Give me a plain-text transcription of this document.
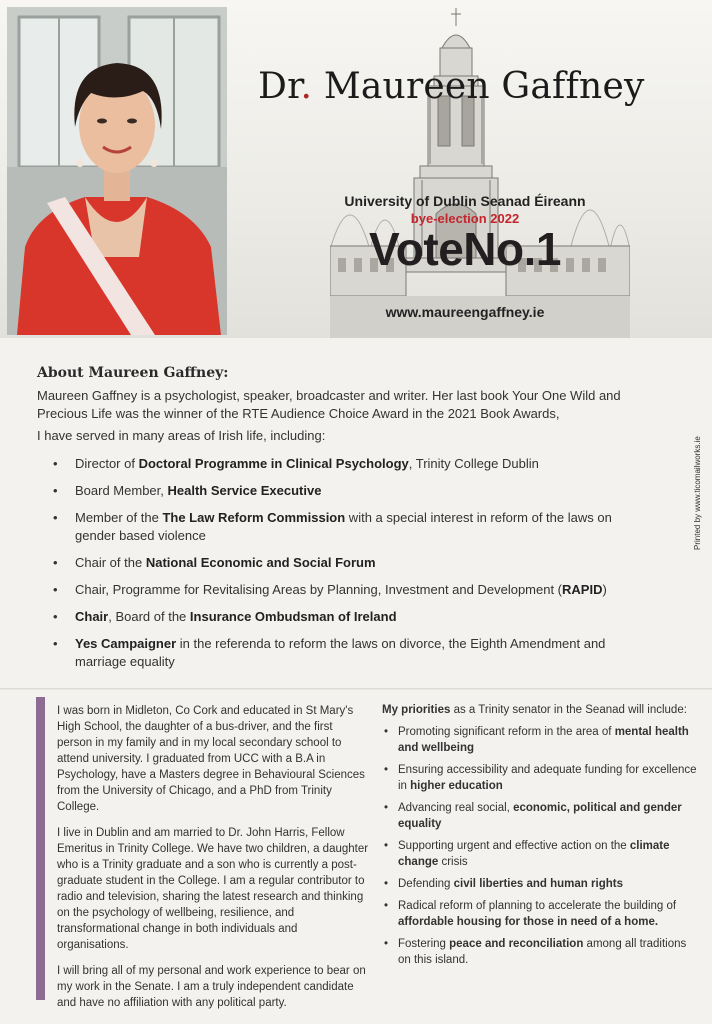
Dr. Maureen Gaffney
University of Dublin Seanad Éireann
bye-election 2022
VoteNo.1
www.maureengaffney.ie
About Maureen Gaffney:
Maureen Gaffney is a psychologist, speaker, broadcaster and writer. Her last book Your One Wild and Precious Life was the winner of the RTE Audience Choice Award in the 2021 Book Awards,
I have served in many areas of Irish life, including:
• Director of Doctoral Programme in Clinical Psychology, Trinity College Dublin
• Board Member, Health Service Executive
• Member of the The Law Reform Commission with a special interest in reform of the laws on gender based violence
• Chair of the National Economic and Social Forum
• Chair, Programme for Revitalising Areas by Planning, Investment and Development (RAPID)
• Chair, Board of the Insurance Ombudsman of Ireland
• Yes Campaigner in the referenda to reform the laws on divorce, the Eighth Amendment and marriage equality
Printed by www.ticomailworks.ie

I was born in Midleton, Co Cork and educated in St Mary's High School, the daughter of a bus-driver, and the first person in my family and in my local secondary school to attend university. I graduated from UCC with a B.A in Psychology, have a Masters degree in Behavioural Sciences from the University of Chicago, and a PhD from Trinity College.

I live in Dublin and am married to Dr. John Harris, Fellow Emeritus in Trinity College. We have two children, a daughter who is a Trinity graduate and a son who is currently a post-graduate student in the College. I am a regular contributor to radio and television, sharing the latest research and thinking on the psychology of wellbeing, resilience, and transformational change in both individuals and organisations.

I will bring all of my personal and work experience to bear on my work in the Senate. I am a truly independent candidate and have no affiliation with any political party.

My priorities as a Trinity senator in the Seanad will include:
• Promoting significant reform in the area of mental health and wellbeing
• Ensuring accessibility and adequate funding for excellence in higher education
• Advancing real social, economic, political and gender equality
• Supporting urgent and effective action on the climate change crisis
• Defending civil liberties and human rights
• Radical reform of planning to accelerate the building of affordable housing for those in need of a home.
• Fostering peace and reconciliation among all traditions on this island.
